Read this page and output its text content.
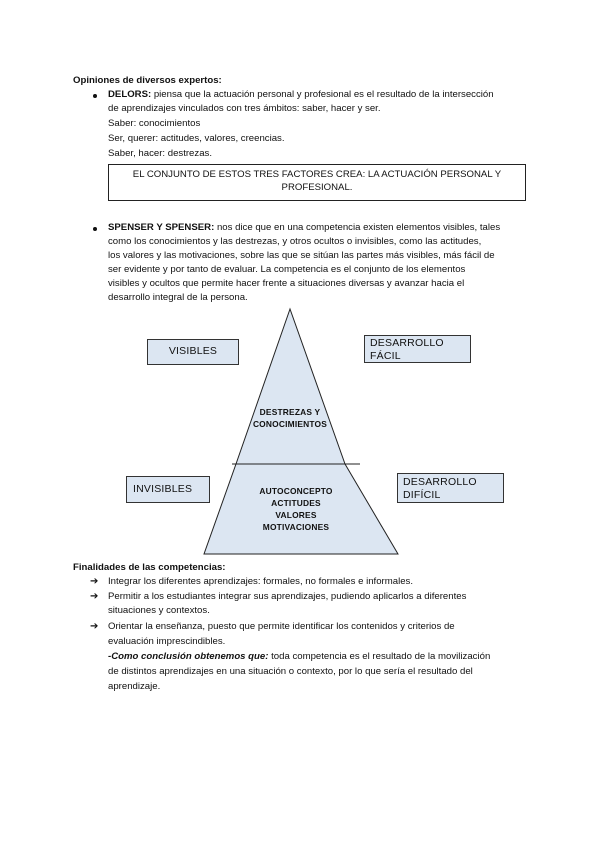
Opiniones de diversos expertos:
DELORS: piensa que la actuación personal y profesional es el resultado de la intersección
de aprendizajes vinculados con tres ámbitos: saber, hacer y ser.
Saber: conocimientos
Ser, querer: actitudes, valores, creencias.
Saber, hacer: destrezas.
EL CONJUNTO DE ESTOS TRES FACTORES CREA: LA ACTUACIÓN PERSONAL Y
PROFESIONAL.
SPENSER Y SPENSER: nos dice que en una competencia existen elementos visibles, tales
como los conocimientos y las destrezas, y otros ocultos o invisibles, como las actitudes,
los valores y las motivaciones, sobre las que se sitúan las partes más visibles, más fácil de
ser evidente y por tanto de evaluar. La competencia es el conjunto de los elementos
visibles y ocultos que permite hacer frente a situaciones diversas y avanzar hacia el
desarrollo integral de la persona.
DESTREZAS Y
CONOCIMIENTOS
AUTOCONCEPTO
ACTITUDES
VALORES
MOTIVACIONES
VISIBLES
INVISIBLES
DESARROLLO
FÁCIL
DESARROLLO
DIFÍCIL
Finalidades de las competencias:
➔ Integrar los diferentes aprendizajes: formales, no formales e informales.
➔ Permitir a los estudiantes integrar sus aprendizajes, pudiendo aplicarlos a diferentes
situaciones y contextos.
➔ Orientar la enseñanza, puesto que permite identificar los contenidos y criterios de
evaluación imprescindibles.
-Como conclusión obtenemos que: toda competencia es el resultado de la movilización
de distintos aprendizajes en una situación o contexto, por lo que sería el resultado del
aprendizaje.
